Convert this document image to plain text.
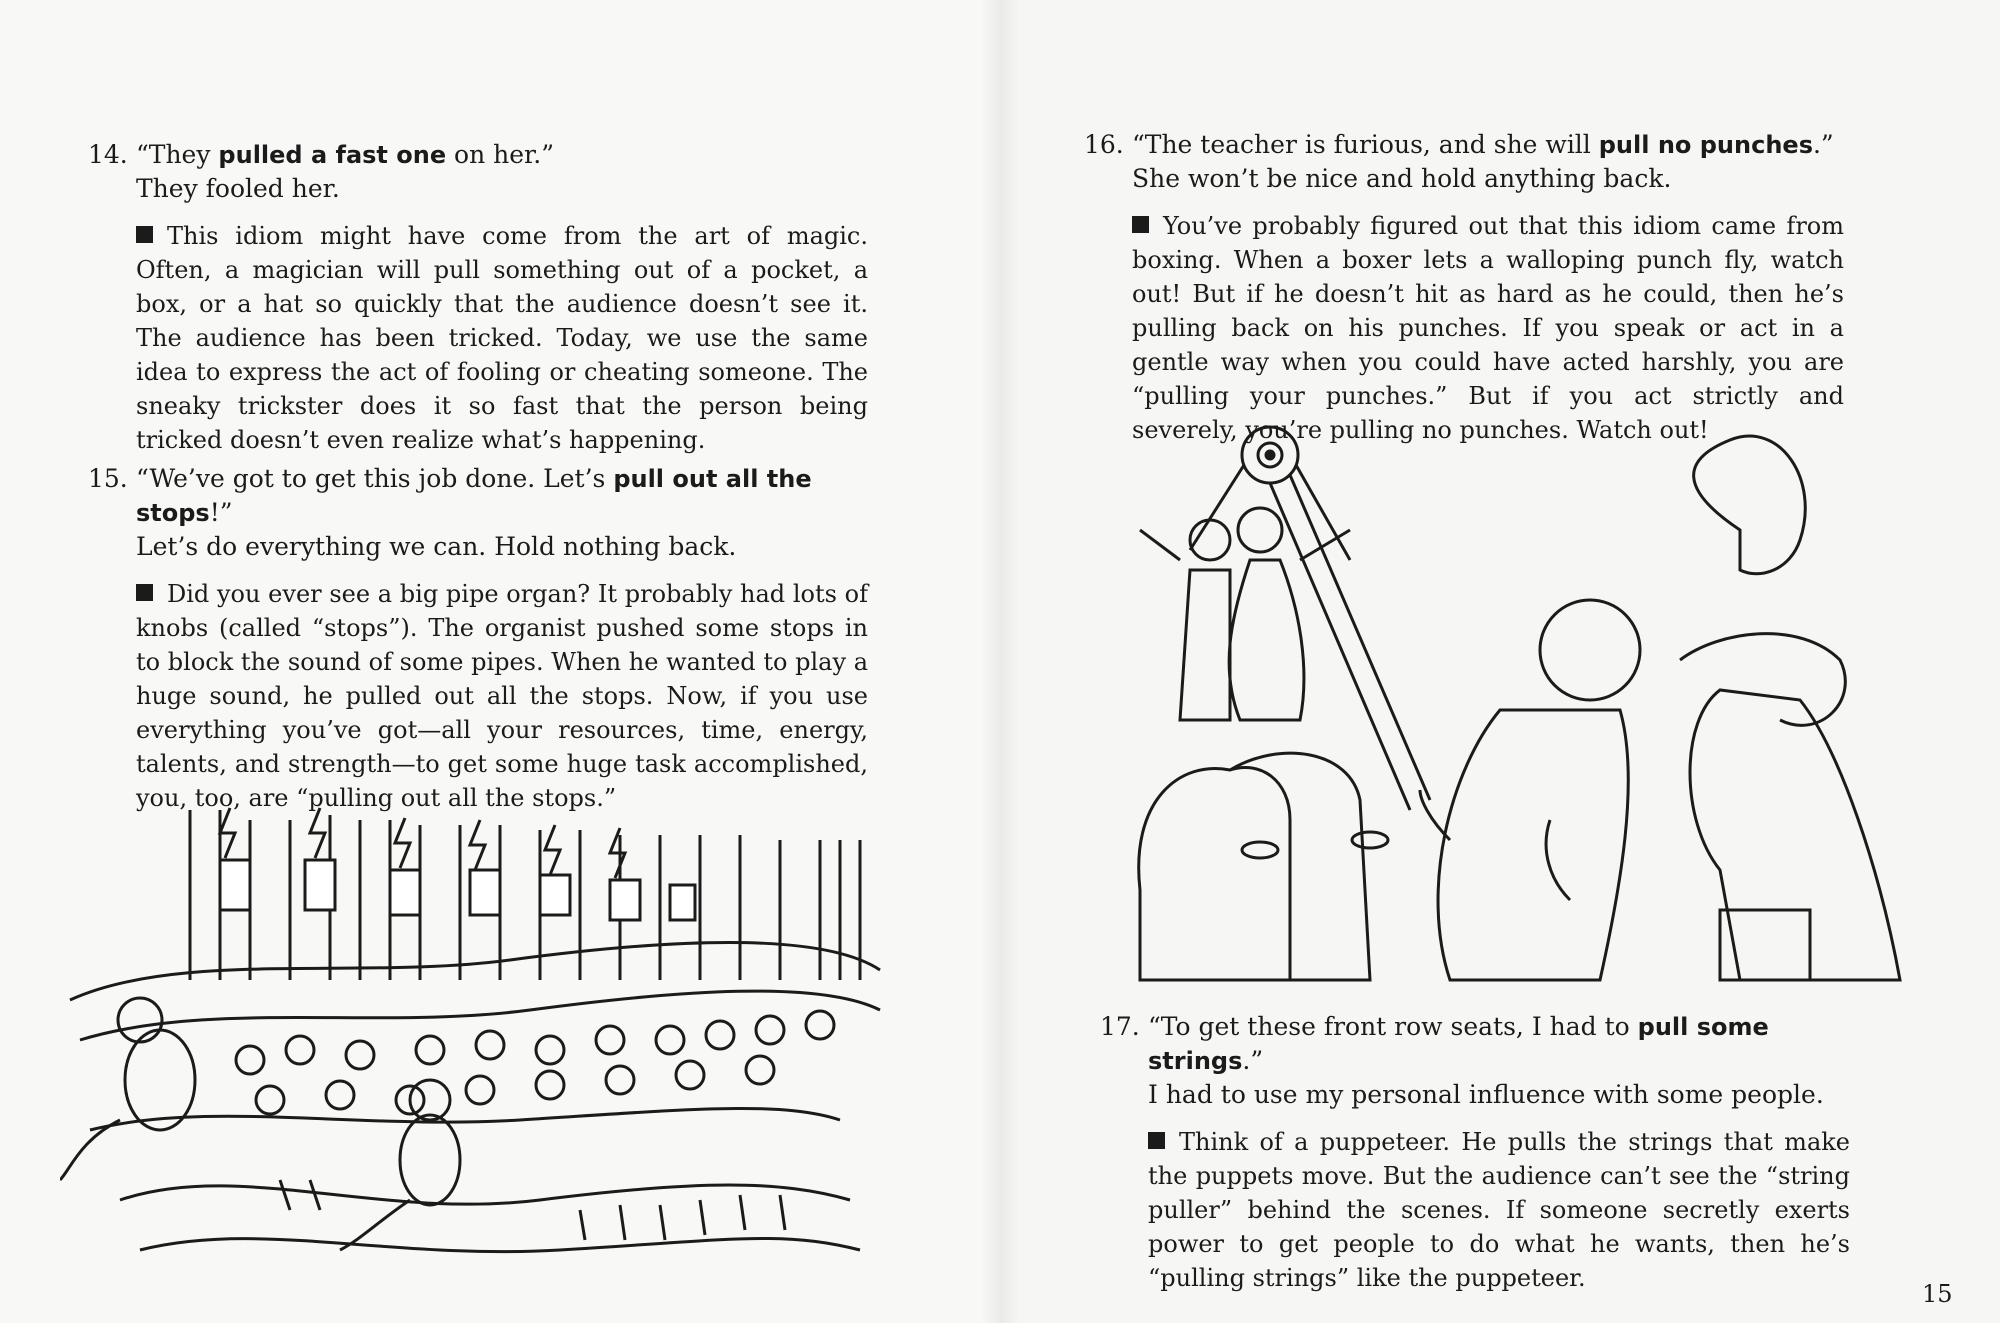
14. “They pulled a fast one on her.”
They fooled her.
This idiom might have come from the art of magic. Often, a magician will pull something out of a pocket, a box, or a hat so quickly that the audience doesn’t see it. The audience has been tricked. Today, we use the same idea to express the act of fooling or cheating someone. The sneaky trickster does it so fast that the person being tricked doesn’t even realize what’s happening.
15. “We’ve got to get this job done. Let’s pull out all the stops!”
Let’s do everything we can. Hold nothing back.
Did you ever see a big pipe organ? It probably had lots of knobs (called “stops”). The organist pushed some stops in to block the sound of some pipes. When he wanted to play a huge sound, he pulled out all the stops. Now, if you use everything you’ve got—all your resources, time, energy, talents, and strength—to get some huge task accomplished, you, too, are “pulling out all the stops.”
16. “The teacher is furious, and she will pull no punches.”
She won’t be nice and hold anything back.
You’ve probably figured out that this idiom came from boxing. When a boxer lets a walloping punch fly, watch out! But if he doesn’t hit as hard as he could, then he’s pulling back on his punches. If you speak or act in a gentle way when you could have acted harshly, you are “pulling your punches.” But if you act strictly and severely, you’re pulling no punches. Watch out!
17. “To get these front row seats, I had to pull some strings.”
I had to use my personal influence with some people.
Think of a puppeteer. He pulls the strings that make the puppets move. But the audience can’t see the “string puller” behind the scenes. If someone secretly exerts power to get people to do what he wants, then he’s “pulling strings” like the puppeteer.
15
